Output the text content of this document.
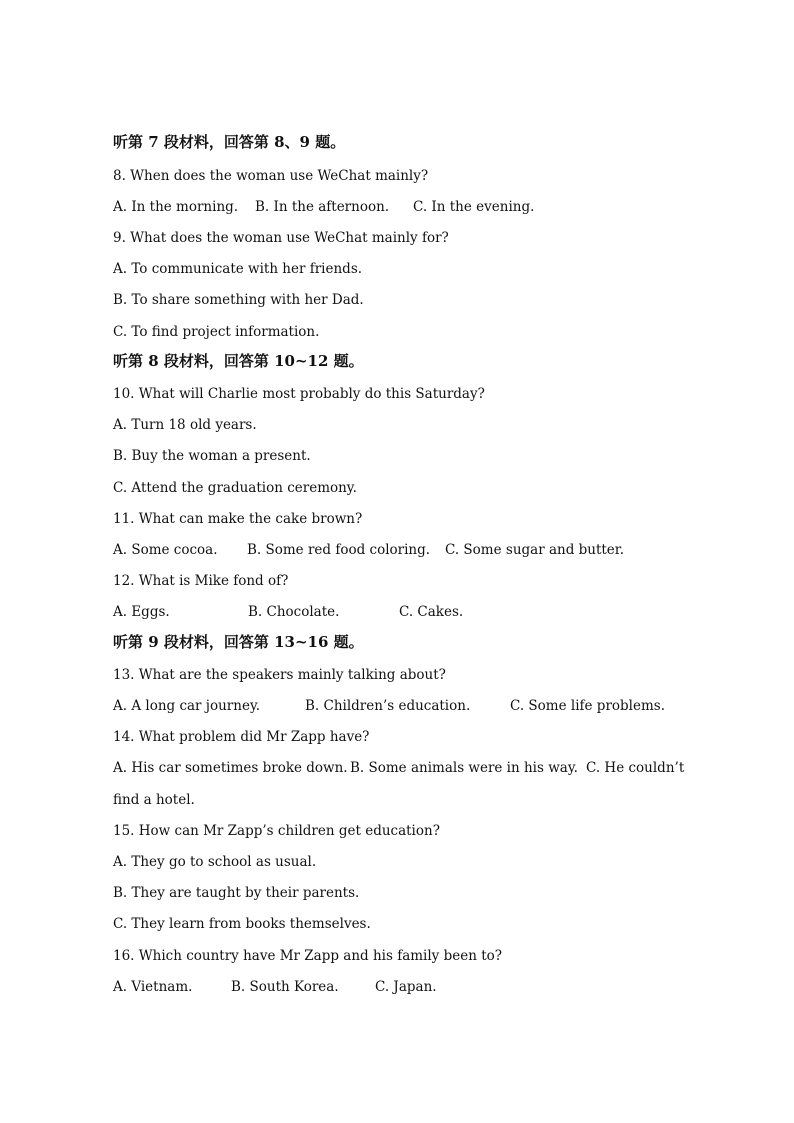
听第 7 段材料，回答第 8、9 题。
8. When does the woman use WeChat mainly?
A. In the morning. B. In the afternoon. C. In the evening.
9. What does the woman use WeChat mainly for?
A. To communicate with her friends.
B. To share something with her Dad.
C. To find project information.
听第 8 段材料，回答第 10~12 题。
10. What will Charlie most probably do this Saturday?
A. Turn 18 old years.
B. Buy the woman a present.
C. Attend the graduation ceremony.
11. What can make the cake brown?
A. Some cocoa. B. Some red food coloring. C. Some sugar and butter.
12. What is Mike fond of?
A. Eggs.	B. Chocolate.	C. Cakes.
听第 9 段材料，回答第 13~16 题。
13. What are the speakers mainly talking about?
A. A long car journey.	B. Children’s education.	C. Some life problems.
14. What problem did Mr Zapp have?
A. His car sometimes broke down. B. Some animals were in his way. C. He couldn’t
find a hotel.
15. How can Mr Zapp’s children get education?
A. They go to school as usual.
B. They are taught by their parents.
C. They learn from books themselves.
16. Which country have Mr Zapp and his family been to?
A. Vietnam.	B. South Korea.	C. Japan.
